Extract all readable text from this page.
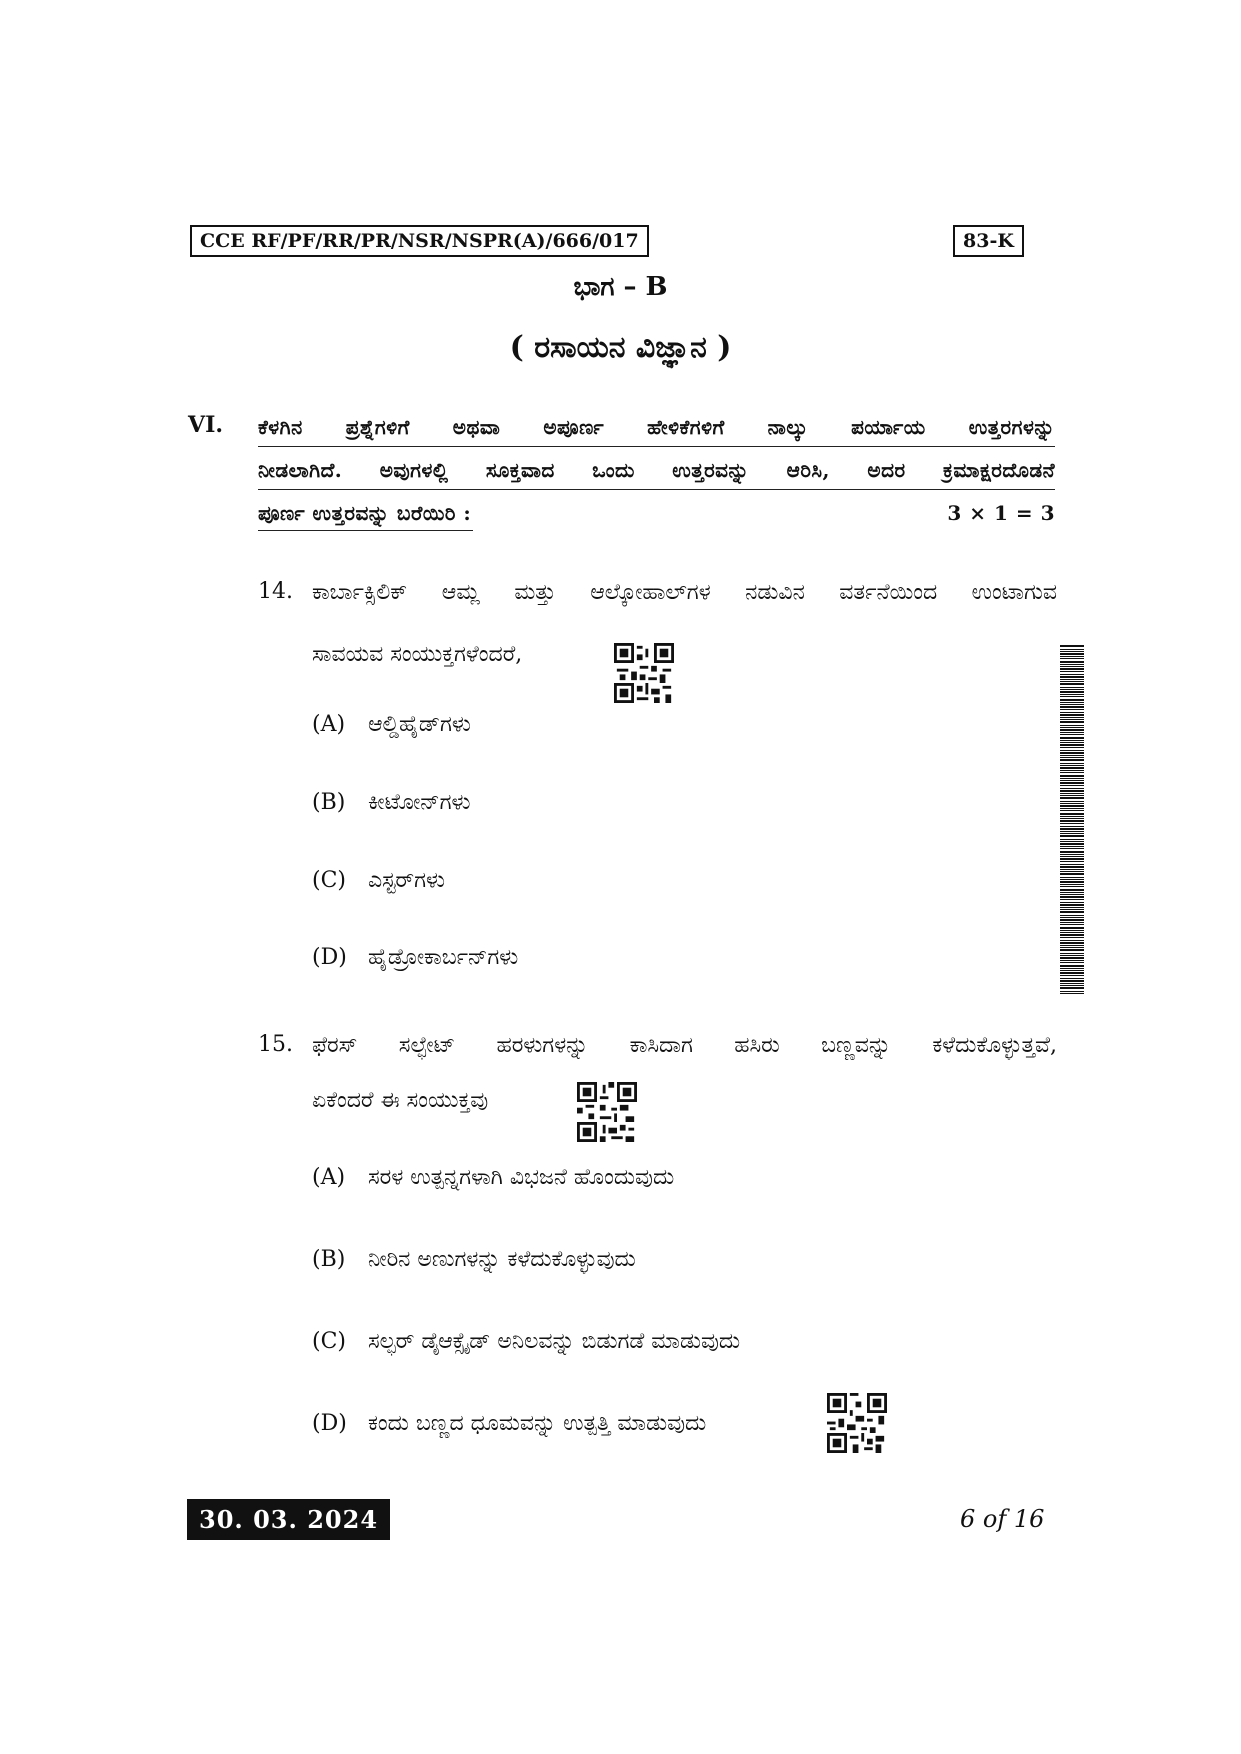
CCE RF/PF/RR/PR/NSR/NSPR(A)/666/017	83-K
ಭಾಗ – B
( ರಸಾಯನ ವಿಜ್ಞಾನ )
VI. ಕೆಳಗಿನ ಪ್ರಶ್ನೆಗಳಿಗೆ ಅಥವಾ ಅಪೂರ್ಣ ಹೇಳಿಕೆಗಳಿಗೆ ನಾಲ್ಕು ಪರ್ಯಾಯ ಉತ್ತರಗಳನ್ನು
ನೀಡಲಾಗಿದೆ. ಅವುಗಳಲ್ಲಿ ಸೂಕ್ತವಾದ ಒಂದು ಉತ್ತರವನ್ನು ಆರಿಸಿ, ಅದರ ಕ್ರಮಾಕ್ಷರದೊಡನೆ
ಪೂರ್ಣ ಉತ್ತರವನ್ನು ಬರೆಯಿರಿ :	3 × 1 = 3
14. ಕಾರ್ಬಾಕ್ಸಿಲಿಕ್ ಆಮ್ಲ ಮತ್ತು ಆಲ್ಕೋಹಾಲ್‌ಗಳ ನಡುವಿನ ವರ್ತನೆಯಿಂದ ಉಂಟಾಗುವ
ಸಾವಯವ ಸಂಯುಕ್ತಗಳೆಂದರೆ,
(A) ಆಲ್ಡಿಹೈಡ್‌ಗಳು
(B) ಕೀಟೋನ್‌ಗಳು
(C) ಎಸ್ಟರ್‌ಗಳು
(D) ಹೈಡ್ರೋಕಾರ್ಬನ್‌ಗಳು
15. ಫೆರಸ್ ಸಲ್ಫೇಟ್ ಹರಳುಗಳನ್ನು ಕಾಸಿದಾಗ ಹಸಿರು ಬಣ್ಣವನ್ನು ಕಳೆದುಕೊಳ್ಳುತ್ತವೆ,
ಏಕೆಂದರೆ ಈ ಸಂಯುಕ್ತವು
(A) ಸರಳ ಉತ್ಪನ್ನಗಳಾಗಿ ವಿಭಜನೆ ಹೊಂದುವುದು
(B) ನೀರಿನ ಅಣುಗಳನ್ನು ಕಳೆದುಕೊಳ್ಳುವುದು
(C) ಸಲ್ಫರ್ ಡೈಆಕ್ಸೈಡ್ ಅನಿಲವನ್ನು ಬಿಡುಗಡೆ ಮಾಡುವುದು
(D) ಕಂದು ಬಣ್ಣದ ಧೂಮವನ್ನು ಉತ್ಪತ್ತಿ ಮಾಡುವುದು
30. 03. 2024	6 of 16
